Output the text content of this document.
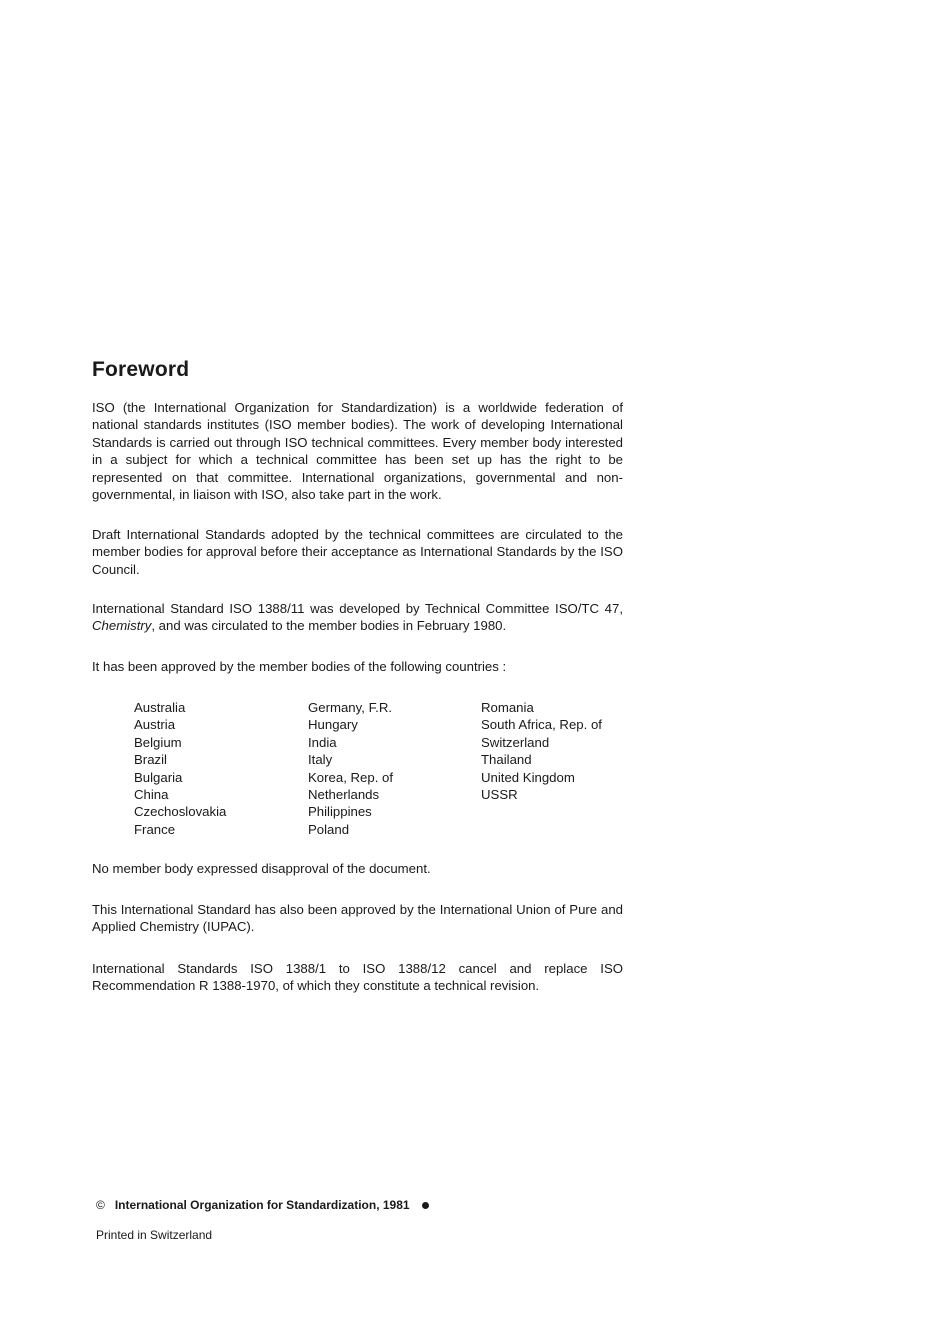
Foreword

ISO (the International Organization for Standardization) is a worldwide federation of national standards institutes (ISO member bodies). The work of developing International Standards is carried out through ISO technical committees. Every member body interested in a subject for which a technical committee has been set up has the right to be represented on that committee. International organizations, governmental and non-governmental, in liaison with ISO, also take part in the work.

Draft International Standards adopted by the technical committees are circulated to the member bodies for approval before their acceptance as International Standards by the ISO Council.

International Standard ISO 1388/11 was developed by Technical Committee ISO/TC 47, Chemistry, and was circulated to the member bodies in February 1980.

It has been approved by the member bodies of the following countries :

Australia
Austria
Belgium
Brazil
Bulgaria
China
Czechoslovakia
France
Germany, F.R.
Hungary
India
Italy
Korea, Rep. of
Netherlands
Philippines
Poland
Romania
South Africa, Rep. of
Switzerland
Thailand
United Kingdom
USSR

No member body expressed disapproval of the document.

This International Standard has also been approved by the International Union of Pure and Applied Chemistry (IUPAC).

International Standards ISO 1388/1 to ISO 1388/12 cancel and replace ISO Recommendation R 1388-1970, of which they constitute a technical revision.

© International Organization for Standardization, 1981
Printed in Switzerland
